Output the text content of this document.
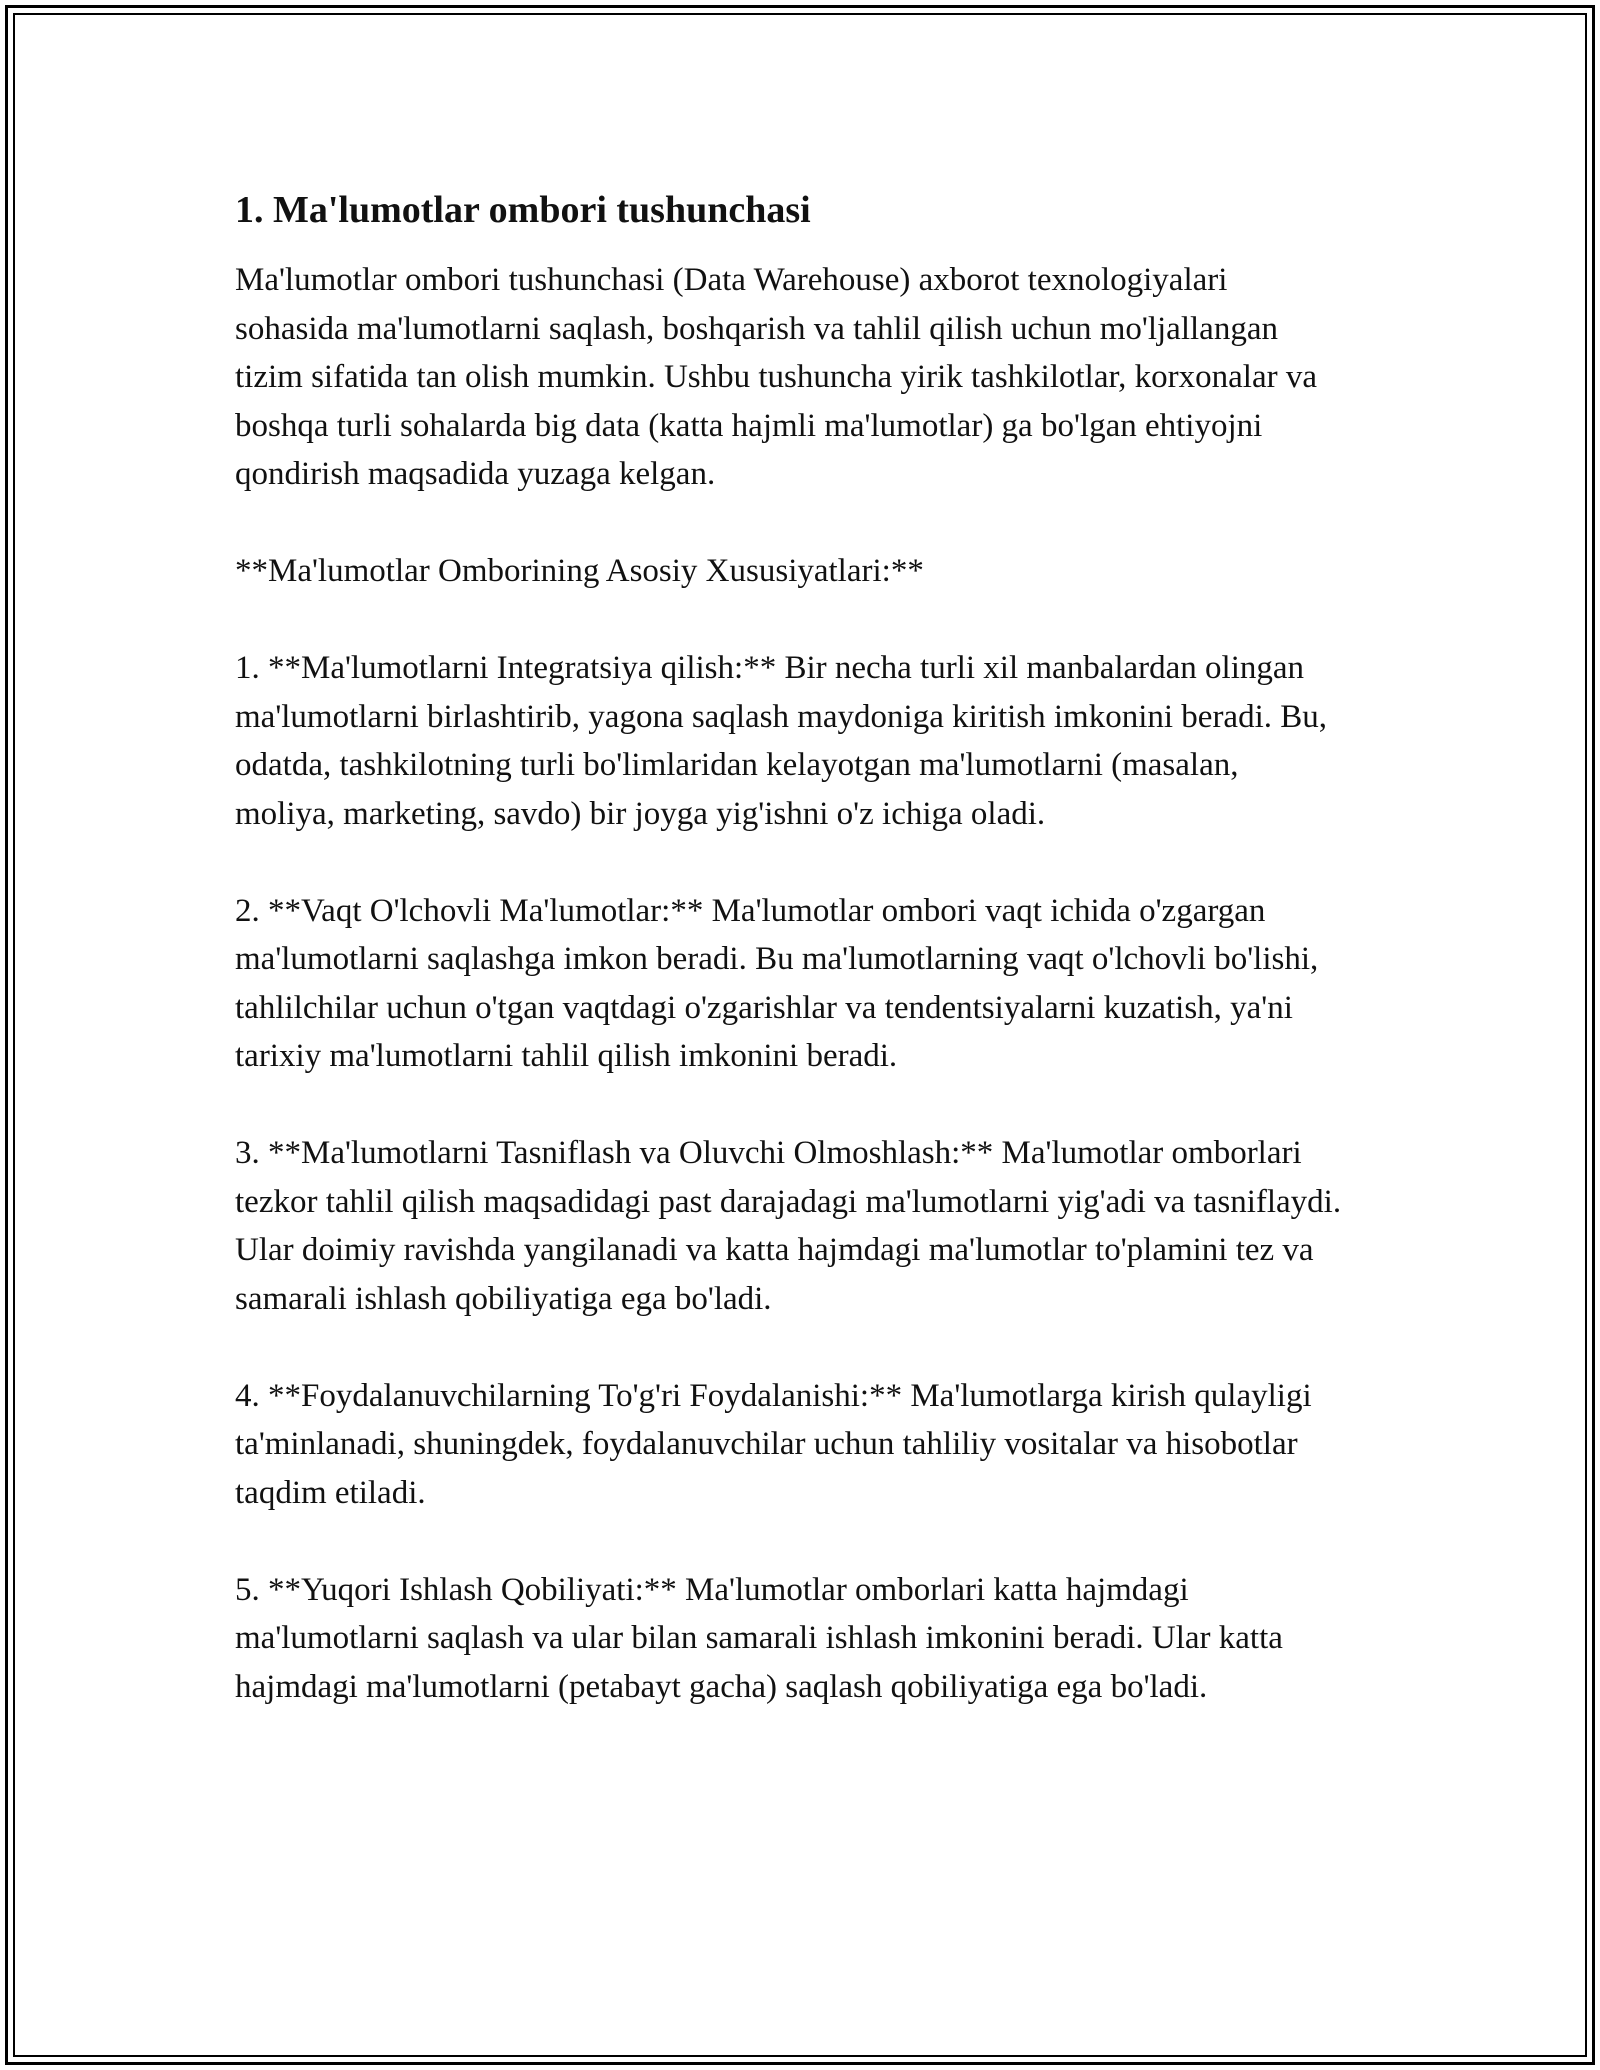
1. Ma'lumotlar ombori tushunchasi

Ma'lumotlar ombori tushunchasi (Data Warehouse) axborot texnologiyalari sohasida ma'lumotlarni saqlash, boshqarish va tahlil qilish uchun mo'ljallangan tizim sifatida tan olish mumkin. Ushbu tushuncha yirik tashkilotlar, korxonalar va boshqa turli sohalarda big data (katta hajmli ma'lumotlar) ga bo'lgan ehtiyojni qondirish maqsadida yuzaga kelgan.

**Ma'lumotlar Omborining Asosiy Xususiyatlari:**

1. **Ma'lumotlarni Integratsiya qilish:** Bir necha turli xil manbalardan olingan ma'lumotlarni birlashtirib, yagona saqlash maydoniga kiritish imkonini beradi. Bu, odatda, tashkilotning turli bo'limlaridan kelayotgan ma'lumotlarni (masalan, moliya, marketing, savdo) bir joyga yig'ishni o'z ichiga oladi.

2. **Vaqt O'lchovli Ma'lumotlar:** Ma'lumotlar ombori vaqt ichida o'zgargan ma'lumotlarni saqlashga imkon beradi. Bu ma'lumotlarning vaqt o'lchovli bo'lishi, tahlilchilar uchun o'tgan vaqtdagi o'zgarishlar va tendentsiyalarni kuzatish, ya'ni tarixiy ma'lumotlarni tahlil qilish imkonini beradi.

3. **Ma'lumotlarni Tasniflash va Oluvchi Olmoshlash:** Ma'lumotlar omborlari tezkor tahlil qilish maqsadidagi past darajadagi ma'lumotlarni yig'adi va tasniflaydi. Ular doimiy ravishda yangilanadi va katta hajmdagi ma'lumotlar to'plamini tez va samarali ishlash qobiliyatiga ega bo'ladi.

4. **Foydalanuvchilarning To'g'ri Foydalanishi:** Ma'lumotlarga kirish qulayligi ta'minlanadi, shuningdek, foydalanuvchilar uchun tahliliy vositalar va hisobotlar taqdim etiladi.

5. **Yuqori Ishlash Qobiliyati:** Ma'lumotlar omborlari katta hajmdagi ma'lumotlarni saqlash va ular bilan samarali ishlash imkonini beradi. Ular katta hajmdagi ma'lumotlarni (petabayt gacha) saqlash qobiliyatiga ega bo'ladi.
